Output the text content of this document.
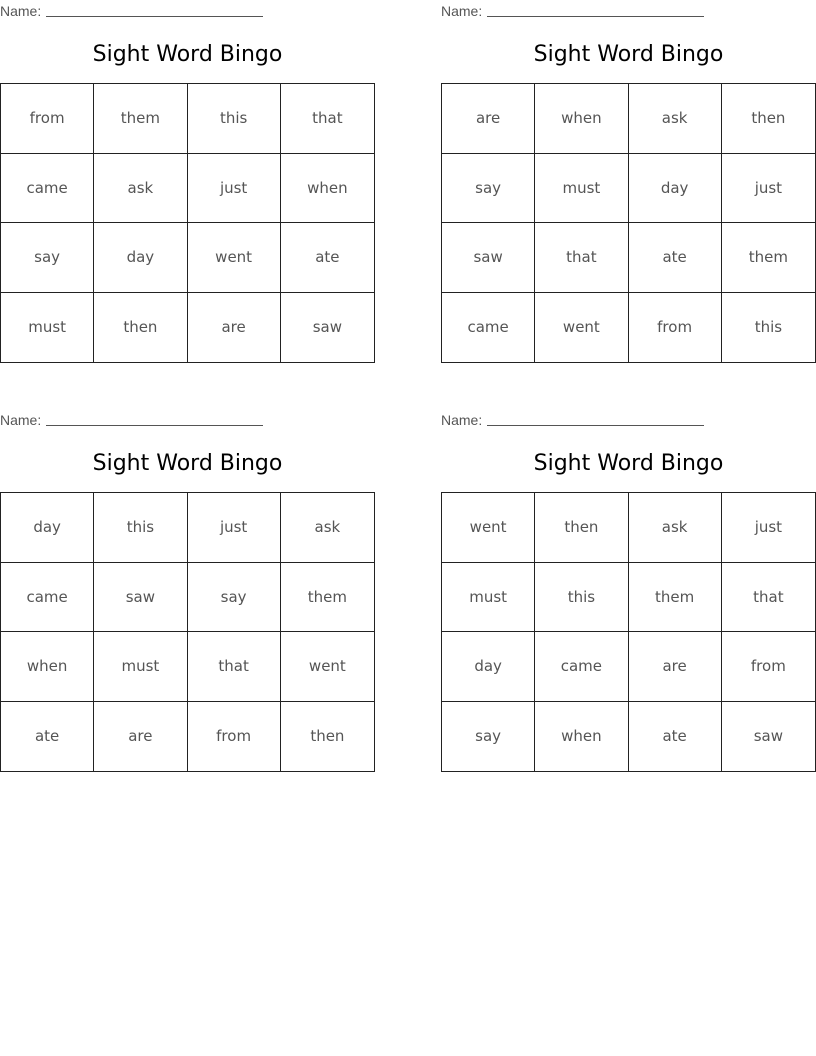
Name:
Sight Word Bingo
from	them	this	that
came	ask	just	when
say	day	went	ate
must	then	are	saw
Name:
Sight Word Bingo
are	when	ask	then
say	must	day	just
saw	that	ate	them
came	went	from	this
Name:
Sight Word Bingo
day	this	just	ask
came	saw	say	them
when	must	that	went
ate	are	from	then
Name:
Sight Word Bingo
went	then	ask	just
must	this	them	that
day	came	are	from
say	when	ate	saw
